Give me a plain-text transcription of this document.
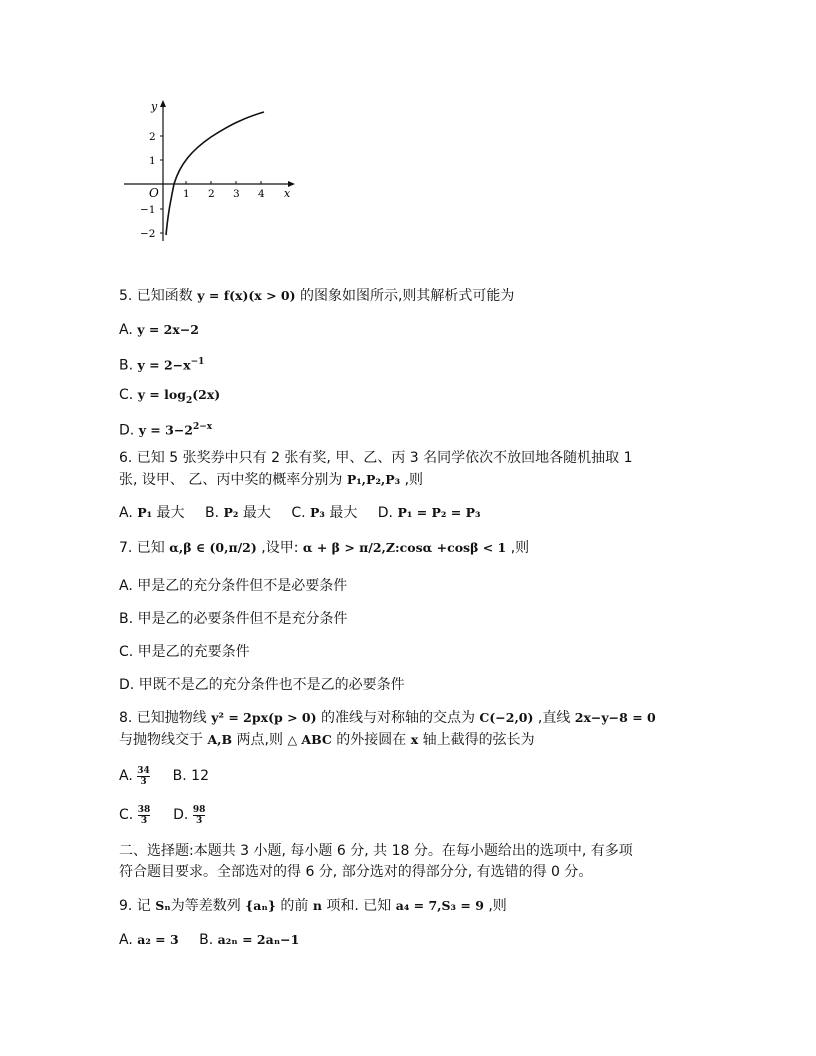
y
x
O
2
1
−1
−2
1 2 3 4
5. 已知函数 y = f(x)(x > 0) 的图象如图所示,则其解析式可能为
A. y = 2x−2
B. $y = 2-x^{-1}$
C. $y = \log_2(2x)$
D. $y = 3-2^{2-x}$
6. 已知 5 张奖券中只有 2 张有奖, 甲、乙、丙 3 名同学依次不放回地各随机抽取 1
张, 设甲、 乙、丙中奖的概率分别为 P₁,P₂,P₃ ,则
A. P₁ 最大 B. P₂ 最大 C. P₃ 最大 D. P₁ = P₂ = P₃
7. 已知 α,β ∈ (0,π/2) ,设甲: α + β > π/2,Z:cosα +cosβ < 1 ,则
A. 甲是乙的充分条件但不是必要条件
B. 甲是乙的必要条件但不是充分条件
C. 甲是乙的充要条件
D. 甲既不是乙的充分条件也不是乙的必要条件
8. 已知抛物线 y² = 2px(p > 0) 的准线与对称轴的交点为 C(−2,0) ,直线 2x−y−8 = 0
与抛物线交于 A,B 两点,则 △ ABC 的外接圆在 x 轴上截得的弦长为
A. $\frac{34}{3} B$. 12
C. $\frac{38}{3} D$. $\frac{98}{3}$
二、选择题:本题共 3 小题, 每小题 6 分, 共 18 分。在每小题给出的选项中, 有多项
符合题目要求。全部选对的得 6 分, 部分选对的得部分分, 有选错的得 0 分。
9. 记 Sₙ为等差数列 {aₙ} 的前 n 项和. 已知 a₄ = 7,S₃ = 9 ,则
A. a₂ = 3 B. a₂ₙ = 2aₙ−1
